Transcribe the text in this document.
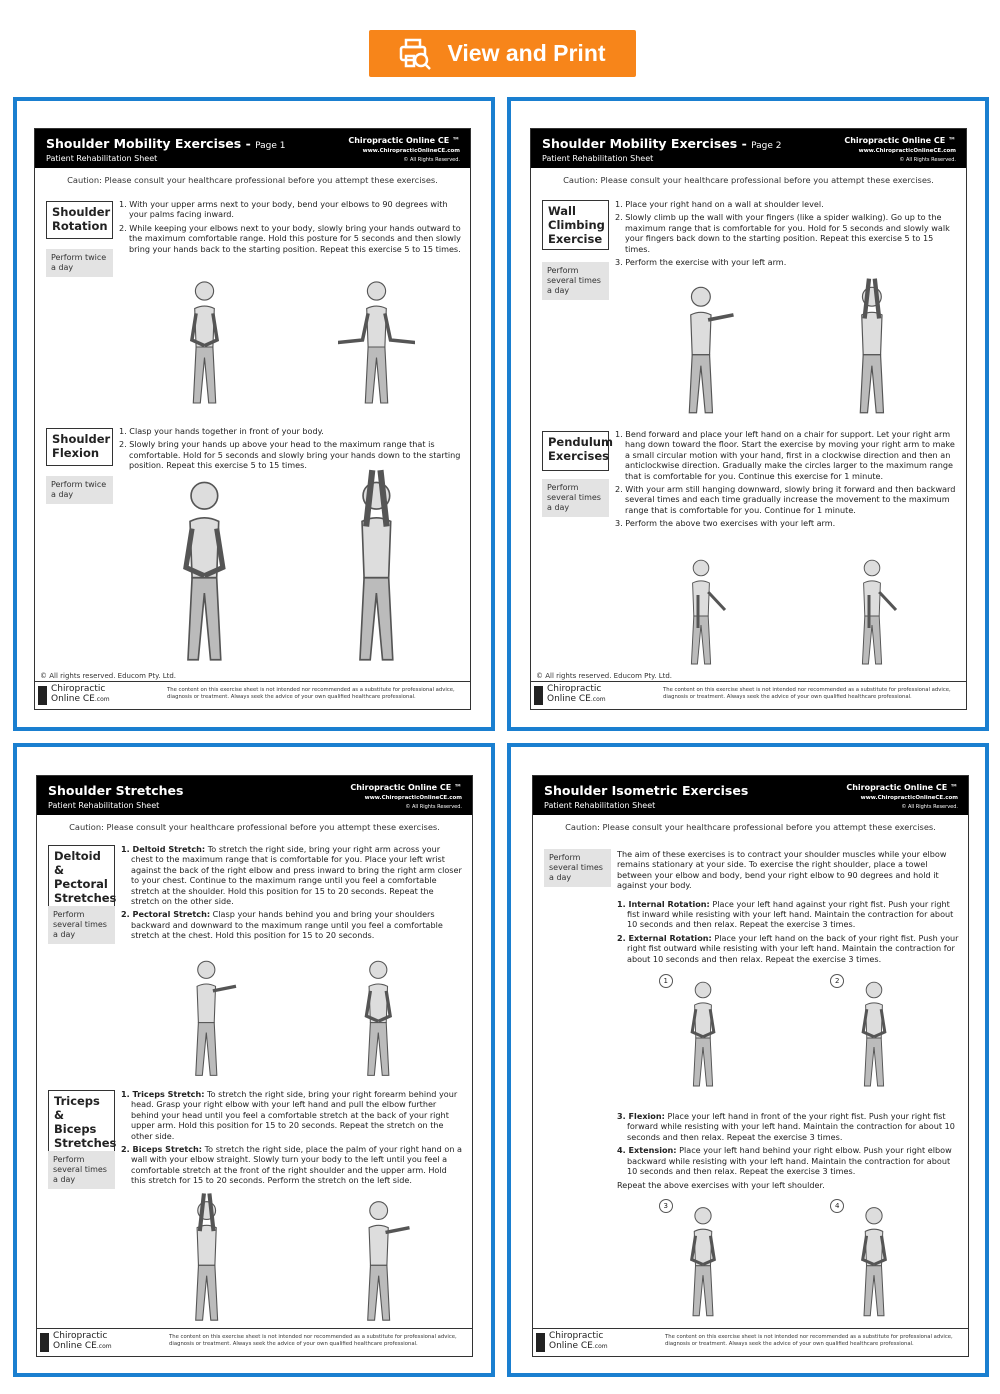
View and Print
Shoulder Mobility Exercises - Page 1
Patient Rehabilitation Sheet
Chiropractic Online CE ™
www.ChiropracticOnlineCE.com
© All Rights Reserved.
Caution: Please consult your healthcare professional before you attempt these exercises.
Shoulder Rotation
Perform twice a day
1. With your upper arms next to your body, bend your elbows to 90 degrees with your palms facing inward.
2. While keeping your elbows next to your body, slowly bring your hands outward to the maximum comfortable range. Hold this posture for 5 seconds and then slowly bring your hands back to the starting position. Repeat this exercise 5 to 15 times.
Shoulder Flexion
Perform twice a day
1. Clasp your hands together in front of your body.
2. Slowly bring your hands up above your head to the maximum range that is comfortable. Hold for 5 seconds and slowly bring your hands down to the starting position. Repeat this exercise 5 to 15 times.
© All rights reserved. Educom Pty. Ltd.
Chiropractic
Online CE.com
The content on this exercise sheet is not intended nor recommended as a substitute for professional advice, diagnosis or treatment. Always seek the advice of your own qualified healthcare professional.
Shoulder Mobility Exercises - Page 2
Patient Rehabilitation Sheet
Chiropractic Online CE ™
www.ChiropracticOnlineCE.com
© All Rights Reserved.
Caution: Please consult your healthcare professional before you attempt these exercises.
Wall Climbing Exercise
Perform several times a day
1. Place your right hand on a wall at shoulder level.
2. Slowly climb up the wall with your fingers (like a spider walking). Go up to the maximum range that is comfortable for you. Hold for 5 seconds and slowly walk your fingers back down to the starting position. Repeat this exercise 5 to 15 times.
3. Perform the exercise with your left arm.
Pendulum Exercises
Perform several times a day
1. Bend forward and place your left hand on a chair for support. Let your right arm hang down toward the floor. Start the exercise by moving your right arm to make a small circular motion with your hand, first in a clockwise direction and then an anticlockwise direction. Gradually make the circles larger to the maximum range that is comfortable for you. Continue this exercise for 1 minute.
2. With your arm still hanging downward, slowly bring it forward and then backward several times and each time gradually increase the movement to the maximum range that is comfortable for you. Continue for 1 minute.
3. Perform the above two exercises with your left arm.
© All rights reserved. Educom Pty. Ltd.
Chiropractic
Online CE.com
The content on this exercise sheet is not intended nor recommended as a substitute for professional advice, diagnosis or treatment. Always seek the advice of your own qualified healthcare professional.
Shoulder Stretches
Patient Rehabilitation Sheet
Chiropractic Online CE ™
www.ChiropracticOnlineCE.com
© All Rights Reserved.
Caution: Please consult your healthcare professional before you attempt these exercises.
Deltoid & Pectoral Stretches
Perform several times a day
1. Deltoid Stretch: To stretch the right side, bring your right arm across your chest to the maximum range that is comfortable for you. Place your left wrist against the back of the right elbow and press inward to bring the right arm closer to your chest. Continue to the maximum range until you feel a comfortable stretch at the shoulder. Hold this position for 15 to 20 seconds. Repeat the stretch on the other side.
2. Pectoral Stretch: Clasp your hands behind you and bring your shoulders backward and downward to the maximum range until you feel a comfortable stretch at the chest. Hold this position for 15 to 20 seconds.
Triceps & Biceps Stretches
Perform several times a day
1. Triceps Stretch: To stretch the right side, bring your right forearm behind your head. Grasp your right elbow with your left hand and pull the elbow further behind your head until you feel a comfortable stretch at the back of your right upper arm. Hold this position for 15 to 20 seconds. Repeat the stretch on the other side.
2. Biceps Stretch: To stretch the right side, place the palm of your right hand on a wall with your elbow straight. Slowly turn your body to the left until you feel a comfortable stretch at the front of the right shoulder and the upper arm. Hold this stretch for 15 to 20 seconds. Perform the stretch on the left side.
Chiropractic
Online CE.com
The content on this exercise sheet is not intended nor recommended as a substitute for professional advice, diagnosis or treatment. Always seek the advice of your own qualified healthcare professional.
Shoulder Isometric Exercises
Patient Rehabilitation Sheet
Chiropractic Online CE ™
www.ChiropracticOnlineCE.com
© All Rights Reserved.
Caution: Please consult your healthcare professional before you attempt these exercises.
Perform several times a day
The aim of these exercises is to contract your shoulder muscles while your elbow remains stationary at your side. To exercise the right shoulder, place a towel between your elbow and body, bend your right elbow to 90 degrees and hold it against your body.
1. Internal Rotation: Place your left hand against your right fist. Push your right fist inward while resisting with your left hand. Maintain the contraction for about 10 seconds and then relax. Repeat the exercise 3 times.
2. External Rotation: Place your left hand on the back of your right fist. Push your right fist outward while resisting with your left hand. Maintain the contraction for about 10 seconds and then relax. Repeat the exercise 3 times.
1	2
3	4
3. Flexion: Place your left hand in front of the your right fist. Push your right fist forward while resisting with your left hand. Maintain the contraction for about 10 seconds and then relax. Repeat the exercise 3 times.
4. Extension: Place your left hand behind your right elbow. Push your right elbow backward while resisting with your left hand. Maintain the contraction for about 10 seconds and then relax. Repeat the exercise 3 times.
Repeat the above exercises with your left shoulder.
Chiropractic
Online CE.com
The content on this exercise sheet is not intended nor recommended as a substitute for professional advice, diagnosis or treatment. Always seek the advice of your own qualified healthcare professional.
